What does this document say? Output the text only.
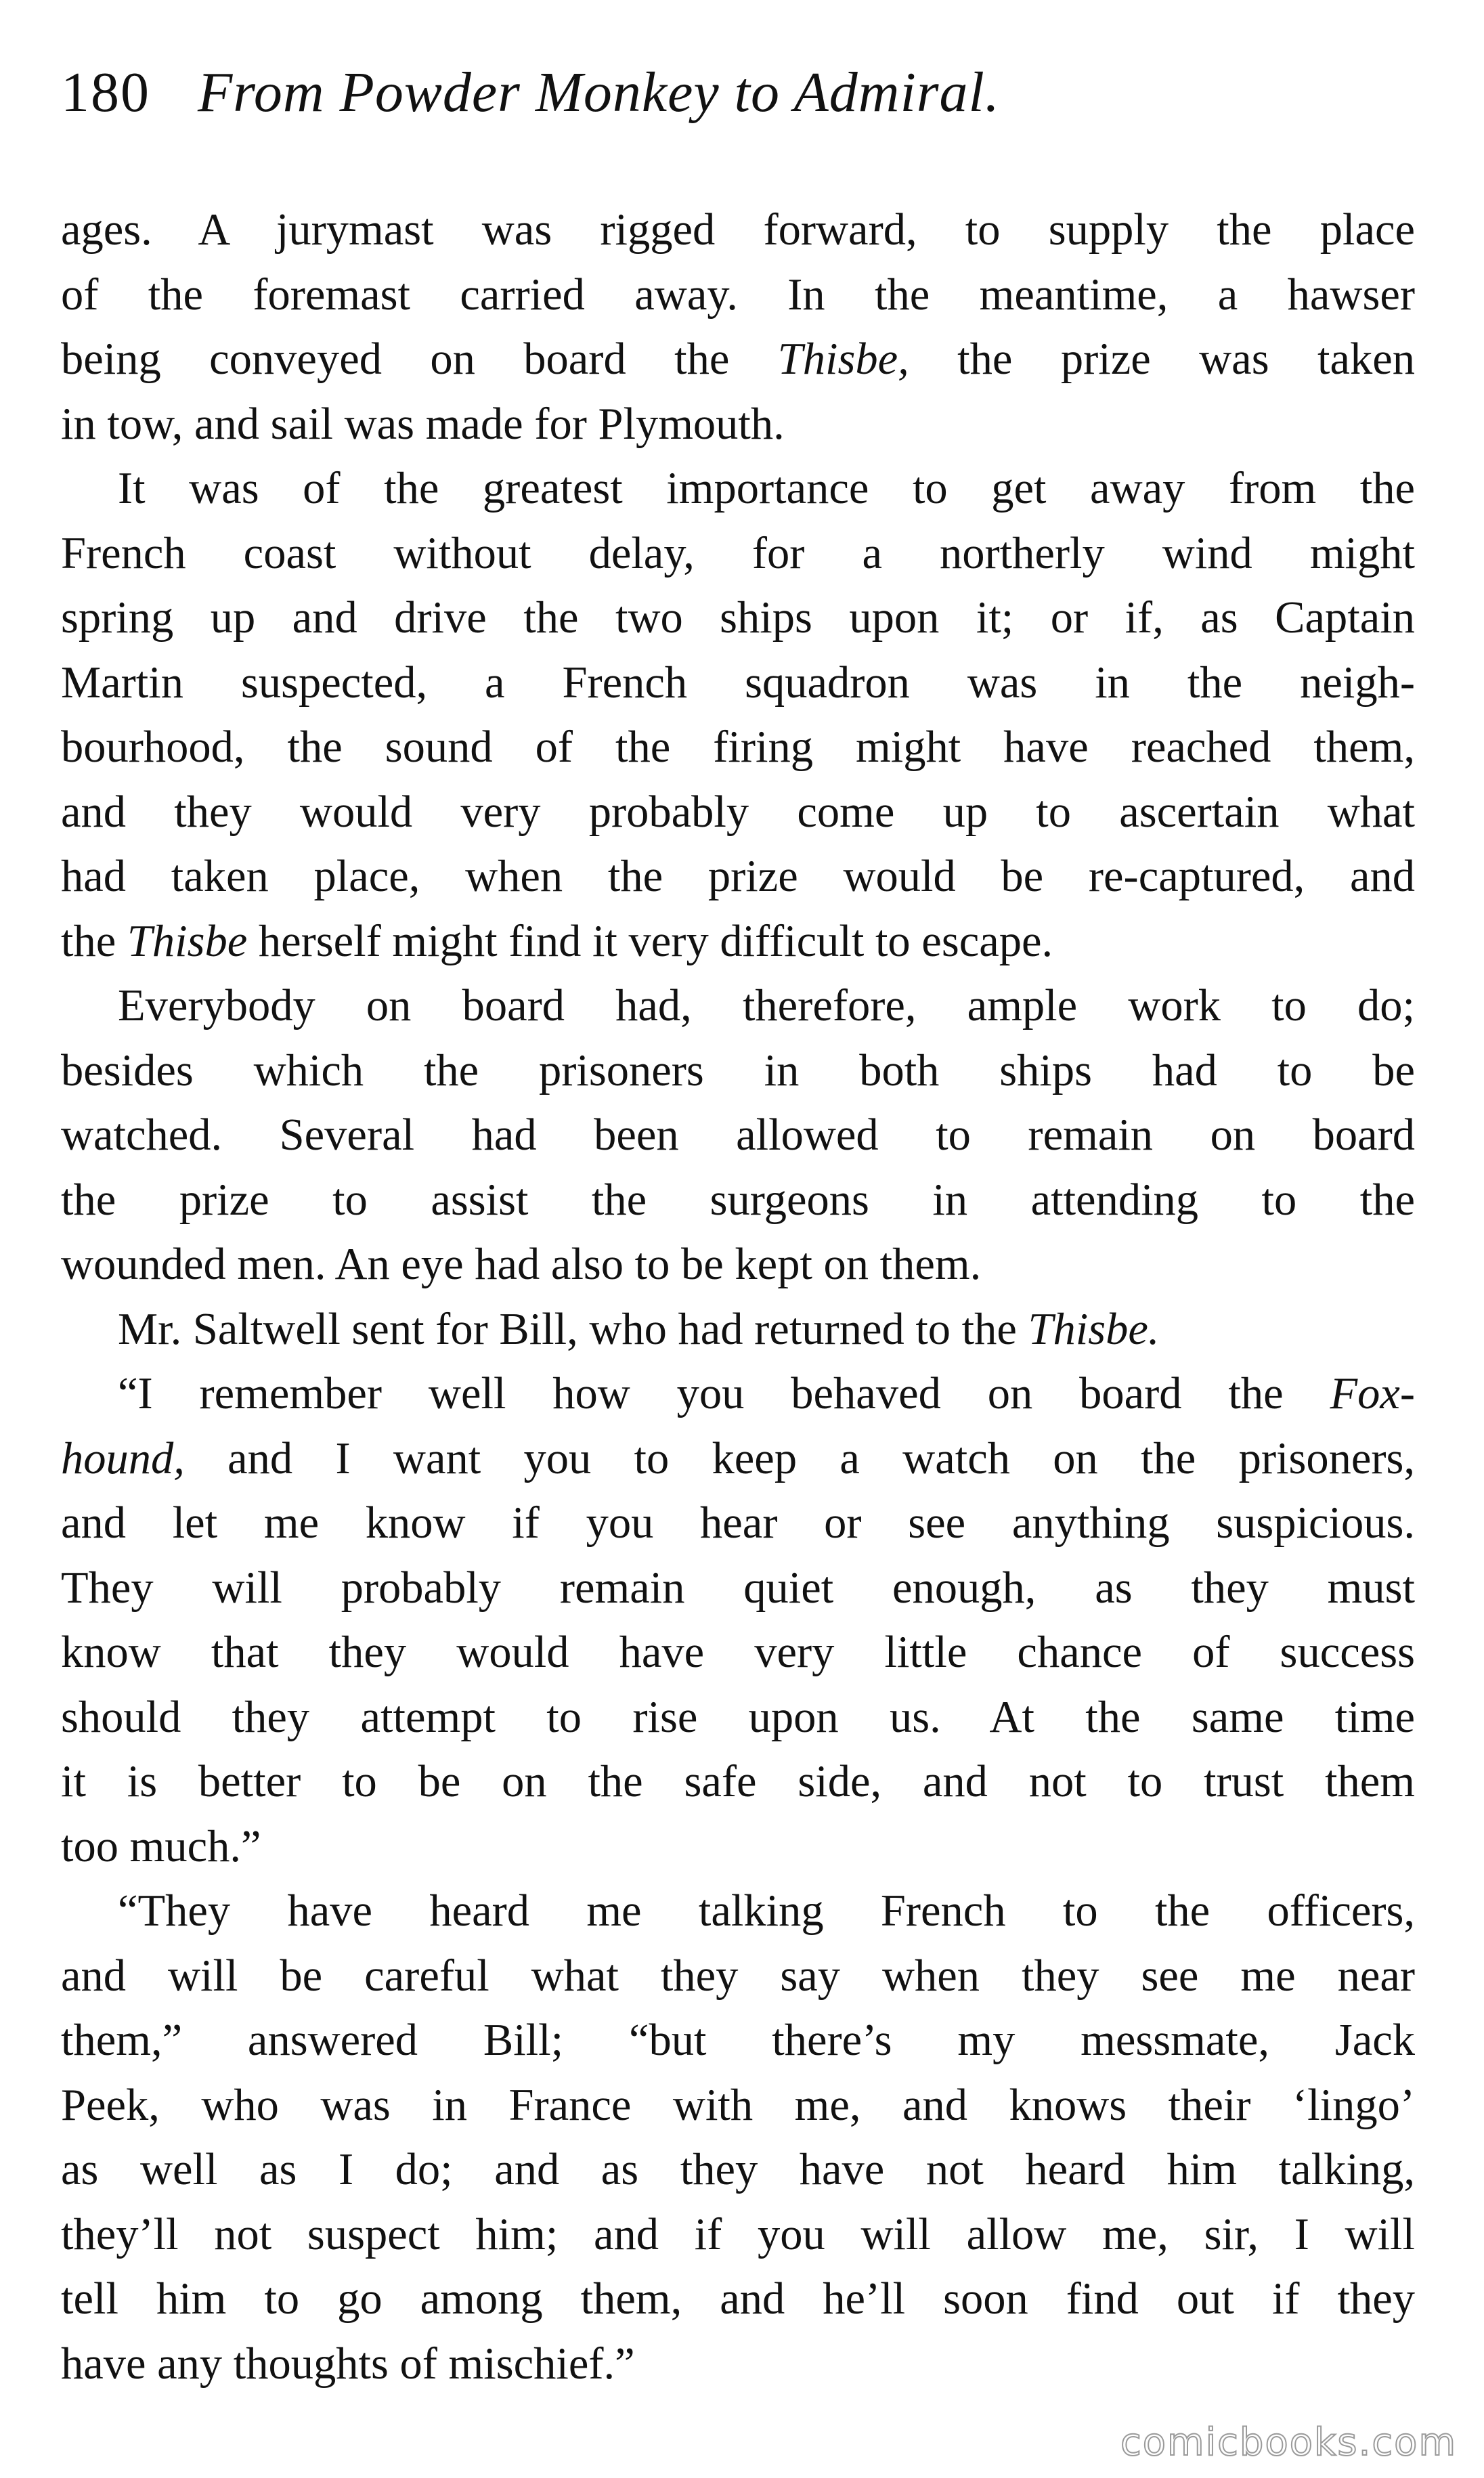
180 From Powder Monkey to Admiral.
ages. A jurymast was rigged forward, to supply the place
of the foremast carried away. In the meantime, a hawser
being conveyed on board the Thisbe, the prize was taken
in tow, and sail was made for Plymouth.
It was of the greatest importance to get away from the
French coast without delay, for a northerly wind might
spring up and drive the two ships upon it; or if, as Captain
Martin suspected, a French squadron was in the neigh-
bourhood, the sound of the firing might have reached them,
and they would very probably come up to ascertain what
had taken place, when the prize would be re-captured, and
the Thisbe herself might find it very difficult to escape.
Everybody on board had, therefore, ample work to do;
besides which the prisoners in both ships had to be
watched. Several had been allowed to remain on board
the prize to assist the surgeons in attending to the
wounded men. An eye had also to be kept on them.
Mr. Saltwell sent for Bill, who had returned to the Thisbe.
“I remember well how you behaved on board the Fox-
hound, and I want you to keep a watch on the prisoners,
and let me know if you hear or see anything suspicious.
They will probably remain quiet enough, as they must
know that they would have very little chance of success
should they attempt to rise upon us. At the same time
it is better to be on the safe side, and not to trust them
too much.”
“They have heard me talking French to the officers,
and will be careful what they say when they see me near
them,” answered Bill; “but there’s my messmate, Jack
Peek, who was in France with me, and knows their ‘lingo’
as well as I do; and as they have not heard him talking,
they’ll not suspect him; and if you will allow me, sir, I will
tell him to go among them, and he’ll soon find out if they
have any thoughts of mischief.”
comicbooks.com
